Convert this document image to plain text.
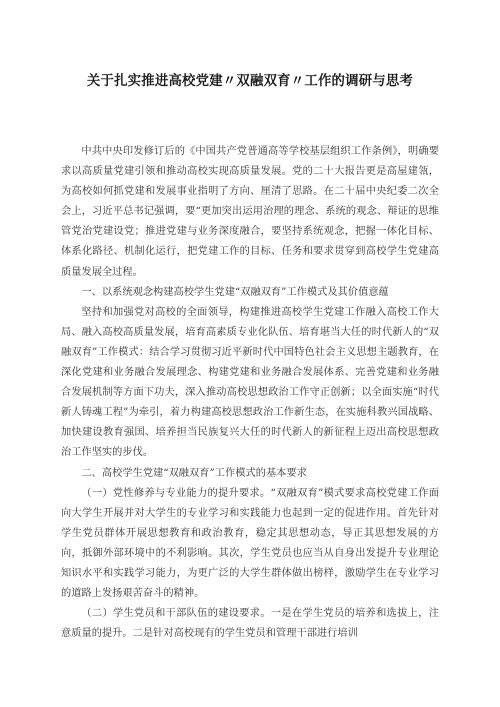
关于扎实推进高校党建〃双融双育〃工作的调研与思考

中共中央印发修订后的《中国共产党普通高等学校基层组织工作条例》，明确要求以高质量党建引领和推动高校实现高质量发展。党的二十大报告更是高屋建瓴，为高校如何抓党建和发展事业指明了方向、厘清了思路。在二十届中央纪委二次全会上，习近平总书记强调，要“更加突出运用治理的理念、系统的观念、辩证的思维管党治党建设党；推进党建与业务深度融合，要坚持系统观念，把握一体化目标、体系化路径、机制化运行，把党建工作的目标、任务和要求贯穿到高校学生党建高质量发展全过程。

一、以系统观念构建高校学生党建“双融双育”工作模式及其价值意蕴

坚持和加强党对高校的全面领导，构建推进高校学生党建工作融入高校工作大局、融入高校高质量发展，培育高素质专业化队伍、培育堪当大任的时代新人的“双融双育”工作模式：结合学习贯彻习近平新时代中国特色社会主义思想主题教育，在深化党建和业务融合发展理念、构建党建和业务融合发展体系、完善党建和业务融合发展机制等方面下功夫，深入推动高校思想政治工作守正创新；以全面实施“时代新人铸魂工程”为牵引，着力构建高校思想政治工作新生态，在实施科教兴国战略、加快建设教育强国、培养担当民族复兴大任的时代新人的新征程上迈出高校思想政治工作坚实的步伐。

二、高校学生党建“双融双育”工作模式的基本要求

（一）党性修养与专业能力的提升要求。“双融双育”模式要求高校党建工作面向大学生开展并对大学生的专业学习和实践能力也起到一定的促进作用。首先针对学生党员群体开展思想教育和政治教育，稳定其思想动态，导正其思想发展的方向，抵御外部环境中的不利影响。其次，学生党员也应当从自身出发提升专业理论知识水平和实践学习能力，为更广泛的大学生群体做出榜样，激励学生在专业学习的道路上发扬艰苦奋斗的精神。

（二）学生党员和干部队伍的建设要求。一是在学生党员的培养和选拔上，注意质量的提升。二是针对高校现有的学生党员和管理干部进行培训
